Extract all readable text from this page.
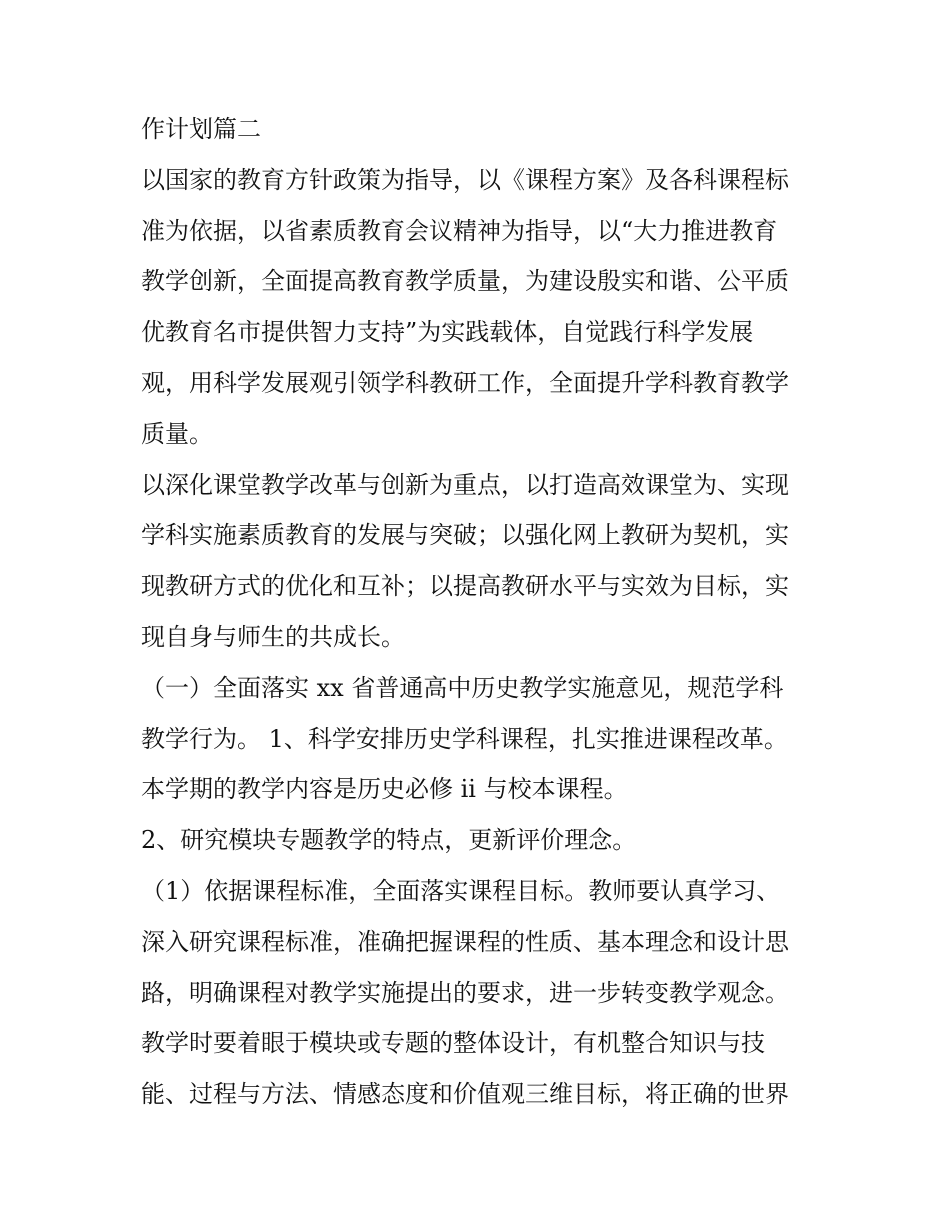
作计划篇二
以国家的教育方针政策为指导，以《课程方案》及各科课程标
准为依据，以省素质教育会议精神为指导，以“大力推进教育
教学创新，全面提高教育教学质量，为建设殷实和谐、公平质
优教育名市提供智力支持”为实践载体，自觉践行科学发展
观，用科学发展观引领学科教研工作，全面提升学科教育教学
质量。
以深化课堂教学改革与创新为重点，以打造高效课堂为、实现
学科实施素质教育的发展与突破；以强化网上教研为契机，实
现教研方式的优化和互补；以提高教研水平与实效为目标，实
现自身与师生的共成长。
（一）全面落实 xx 省普通高中历史教学实施意见，规范学科
教学行为。 1、科学安排历史学科课程，扎实推进课程改革。
本学期的教学内容是历史必修 ii 与校本课程。
2、研究模块专题教学的特点，更新评价理念。
（1）依据课程标准，全面落实课程目标。教师要认真学习、
深入研究课程标准，准确把握课程的性质、基本理念和设计思
路，明确课程对教学实施提出的要求，进一步转变教学观念。
教学时要着眼于模块或专题的整体设计，有机整合知识与技
能、过程与方法、情感态度和价值观三维目标，将正确的世界
